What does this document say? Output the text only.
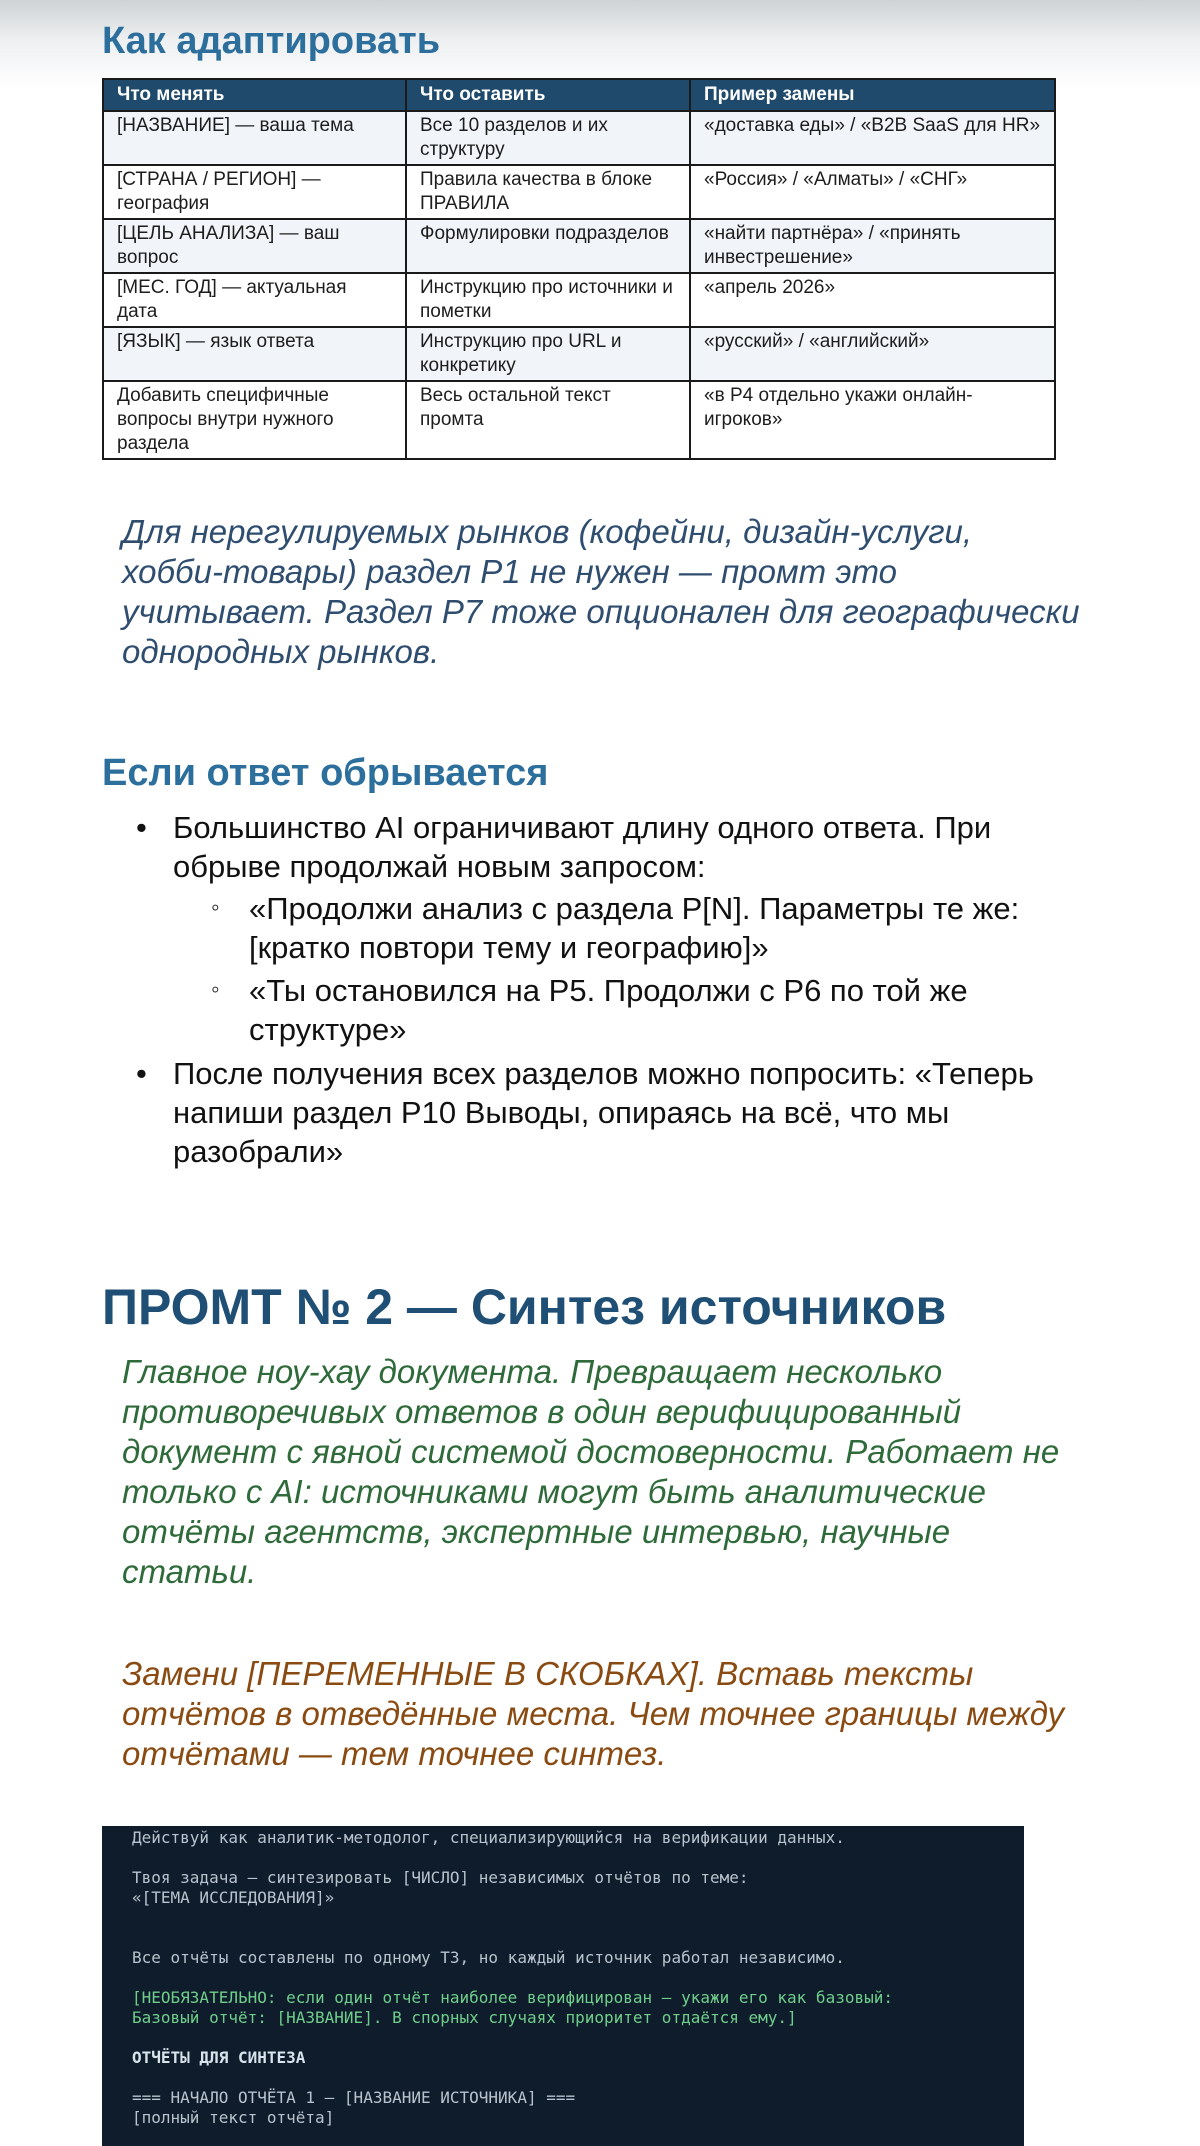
Как адаптировать
Что менять	Что оставить	Пример замены
[НАЗВАНИЕ] — ваша тема	Все 10 разделов и их структуру	«доставка еды» / «B2B SaaS для HR»
[СТРАНА / РЕГИОН] — география	Правила качества в блоке ПРАВИЛА	«Россия» / «Алматы» / «СНГ»
[ЦЕЛЬ АНАЛИЗА] — ваш вопрос	Формулировки подразделов	«найти партнёра» / «принять инвестрешение»
[МЕС. ГОД] — актуальная дата	Инструкцию про источники и пометки	«апрель 2026»
[ЯЗЫК] — язык ответа	Инструкцию про URL и конкретику	«русский» / «английский»
Добавить специфичные вопросы внутри нужного раздела	Весь остальной текст промта	«в Р4 отдельно укажи онлайн-игроков»

Для нерегулируемых рынков (кофейни, дизайн-услуги, хобби-товары) раздел Р1 не нужен — промт это учитывает. Раздел Р7 тоже опционален для географически однородных рынков.

Если ответ обрывается
• Большинство AI ограничивают длину одного ответа. При обрыве продолжай новым запросом:
◦ «Продолжи анализ с раздела Р[N]. Параметры те же: [кратко повтори тему и географию]»
◦ «Ты остановился на Р5. Продолжи с Р6 по той же структуре»
• После получения всех разделов можно попросить: «Теперь напиши раздел Р10 Выводы, опираясь на всё, что мы разобрали»
ПРОМТ № 2 — Синтез источников

Главное ноу-хау документа. Превращает несколько противоречивых ответов в один верифицированный документ с явной системой достоверности. Работает не только с AI: источниками могут быть аналитические отчёты агентств, экспертные интервью, научные статьи.

Замени [ПЕРЕМЕННЫЕ В СКОБКАХ]. Вставь тексты отчётов в отведённые места. Чем точнее границы между отчётами — тем точнее синтез.

Действуй как аналитик-методолог, специализирующийся на верификации данных.
Твоя задача — синтезировать [ЧИСЛО] независимых отчётов по теме:
«[ТЕМА ИССЛЕДОВАНИЯ]»
Все отчёты составлены по одному ТЗ, но каждый источник работал независимо.
[НЕОБЯЗАТЕЛЬНО: если один отчёт наиболее верифицирован — укажи его как базовый:
Базовый отчёт: [НАЗВАНИЕ]. В спорных случаях приоритет отдаётся ему.]
ОТЧЁТЫ ДЛЯ СИНТЕЗА
=== НАЧАЛО ОТЧЁТА 1 — [НАЗВАНИЕ ИСТОЧНИКА] ===
[полный текст отчёта]
